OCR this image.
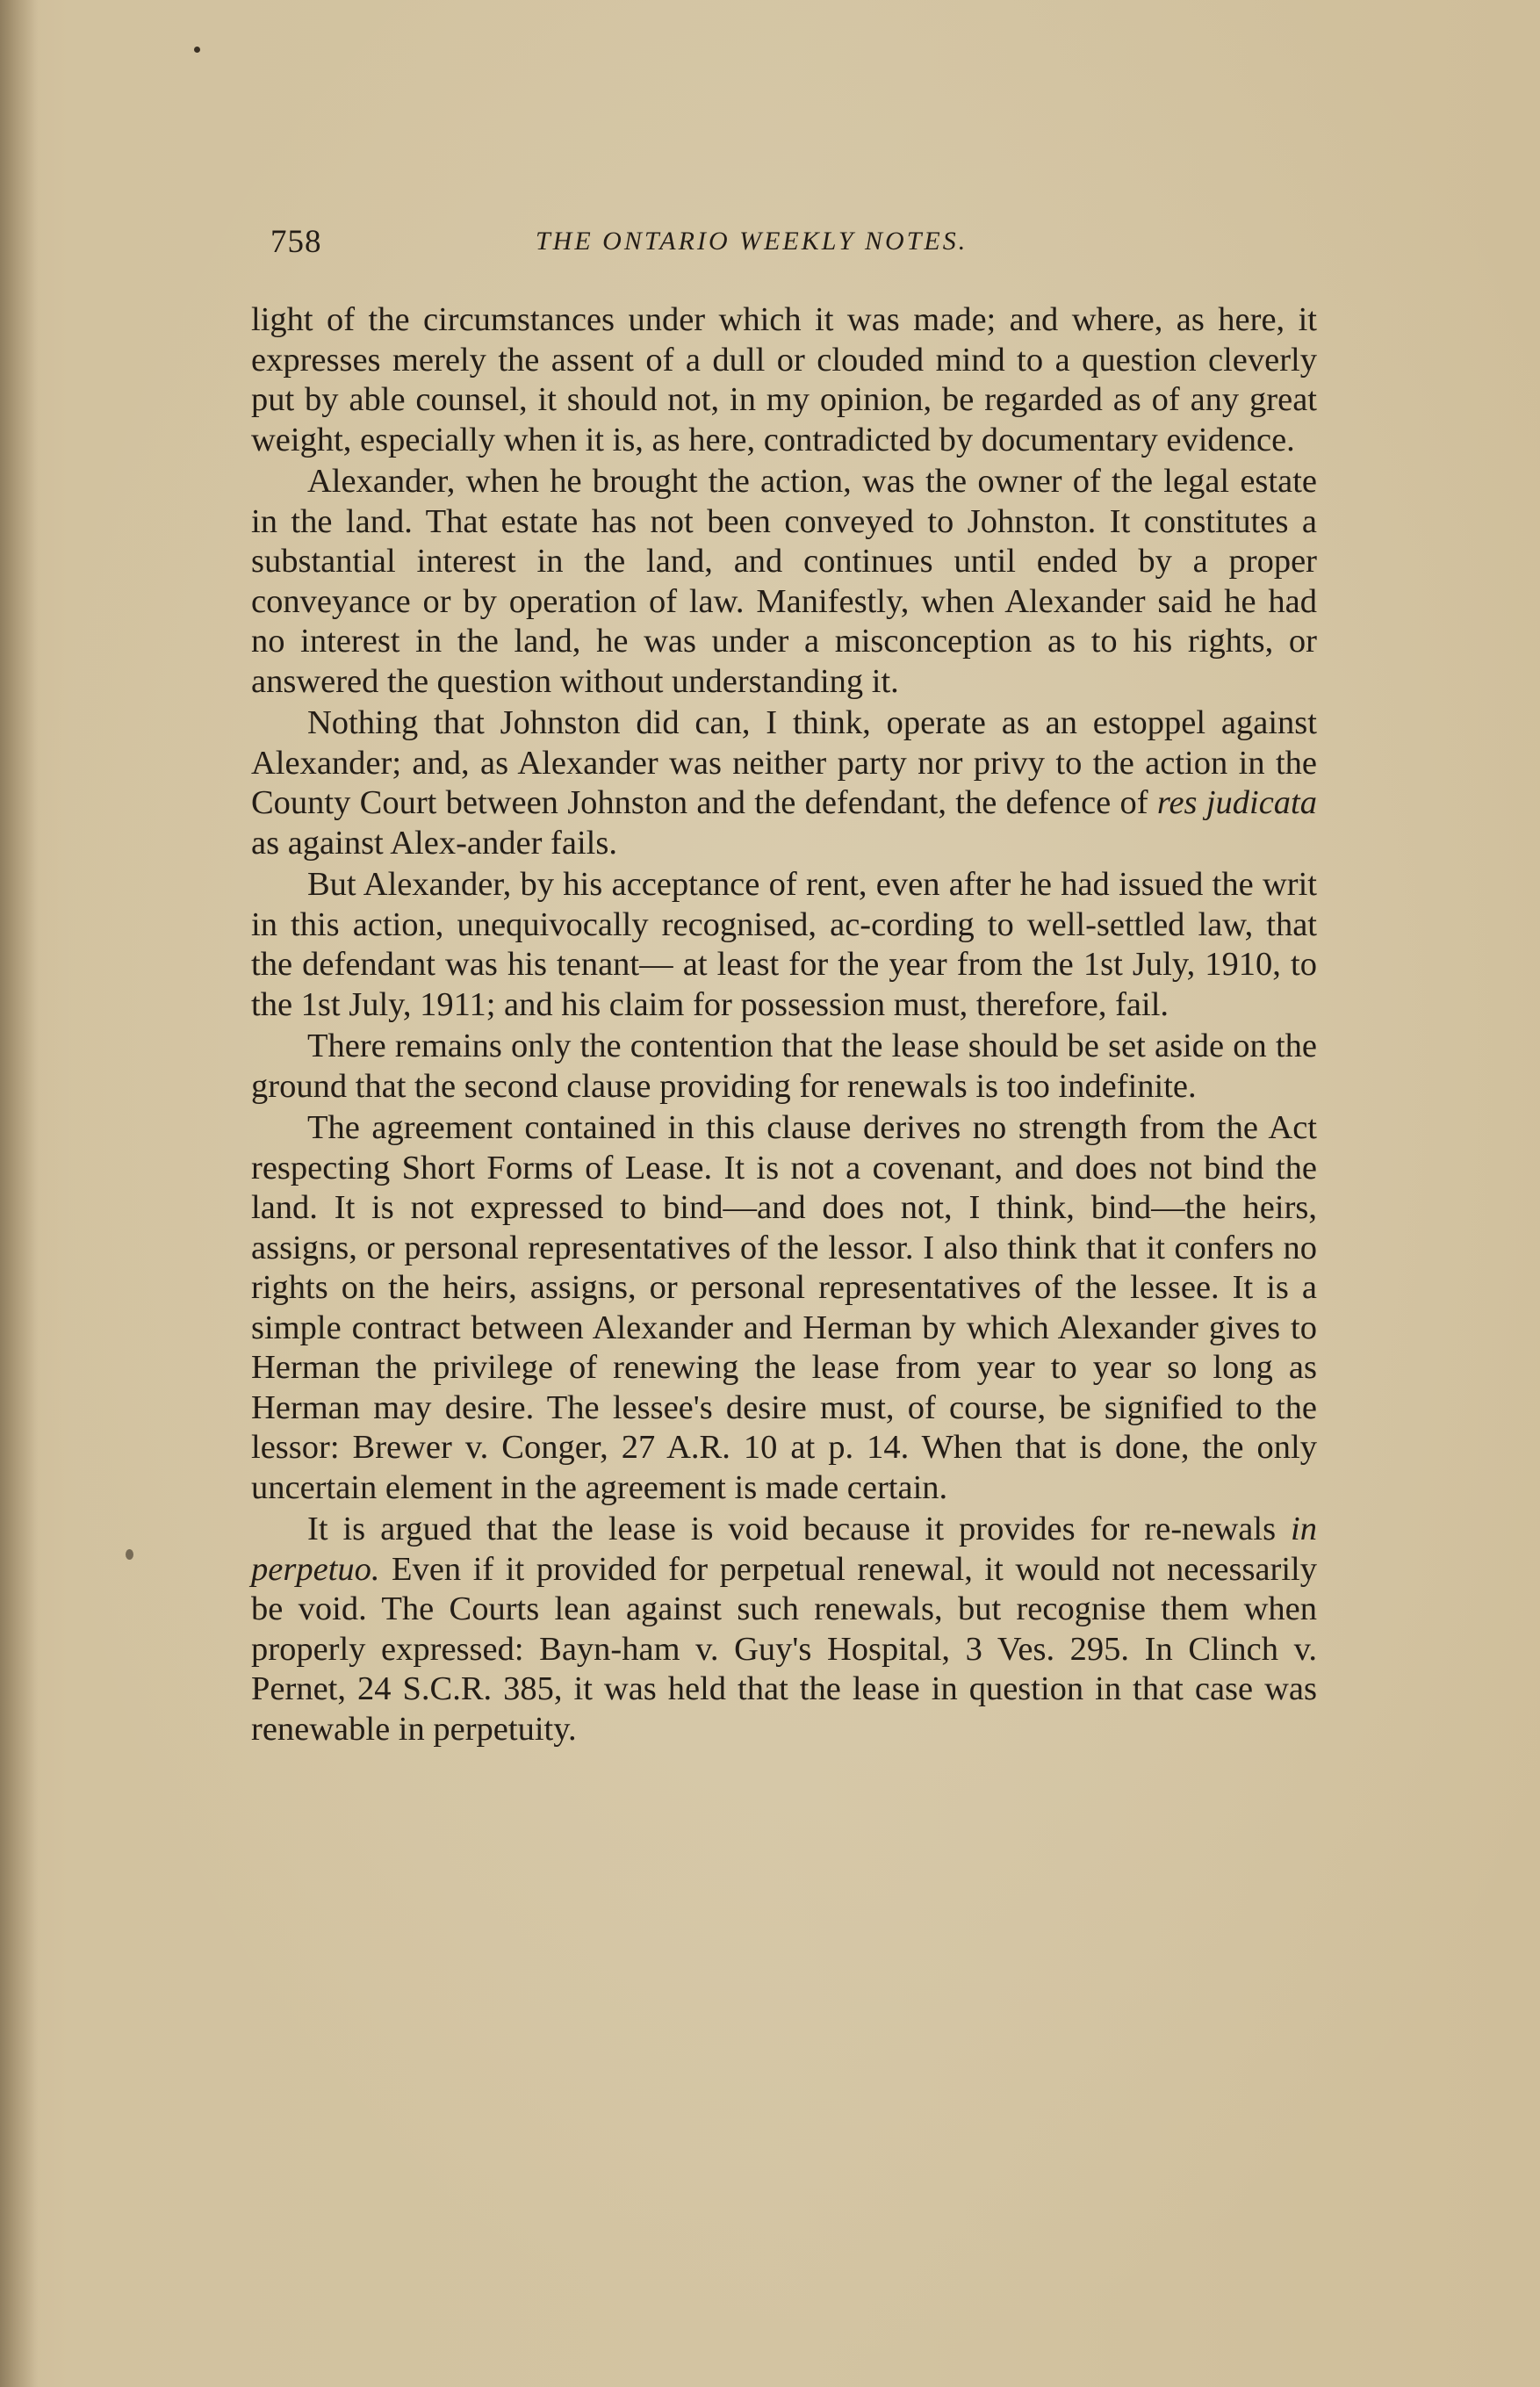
758	THE ONTARIO WEEKLY NOTES.

light of the circumstances under which it was made; and where, as here, it expresses merely the assent of a dull or clouded mind to a question cleverly put by able counsel, it should not, in my opinion, be regarded as of any great weight, especially when it is, as here, contradicted by documentary evidence.

Alexander, when he brought the action, was the owner of the legal estate in the land. That estate has not been conveyed to Johnston. It constitutes a substantial interest in the land, and continues until ended by a proper conveyance or by operation of law. Manifestly, when Alexander said he had no interest in the land, he was under a misconception as to his rights, or answered the question without understanding it.

Nothing that Johnston did can, I think, operate as an estoppel against Alexander; and, as Alexander was neither party nor privy to the action in the County Court between Johnston and the defendant, the defence of res judicata as against Alex-ander fails.

But Alexander, by his acceptance of rent, even after he had issued the writ in this action, unequivocally recognised, ac-cording to well-settled law, that the defendant was his tenant— at least for the year from the 1st July, 1910, to the 1st July, 1911; and his claim for possession must, therefore, fail.

There remains only the contention that the lease should be set aside on the ground that the second clause providing for renewals is too indefinite.

The agreement contained in this clause derives no strength from the Act respecting Short Forms of Lease. It is not a covenant, and does not bind the land. It is not expressed to bind—and does not, I think, bind—the heirs, assigns, or personal representatives of the lessor. I also think that it confers no rights on the heirs, assigns, or personal representatives of the lessee. It is a simple contract between Alexander and Herman by which Alexander gives to Herman the privilege of renewing the lease from year to year so long as Herman may desire. The lessee's desire must, of course, be signified to the lessor: Brewer v. Conger, 27 A.R. 10 at p. 14. When that is done, the only uncertain element in the agreement is made certain.

It is argued that the lease is void because it provides for re-newals in perpetuo. Even if it provided for perpetual renewal, it would not necessarily be void. The Courts lean against such renewals, but recognise them when properly expressed: Bayn-ham v. Guy's Hospital, 3 Ves. 295. In Clinch v. Pernet, 24 S.C.R. 385, it was held that the lease in question in that case was renewable in perpetuity.
